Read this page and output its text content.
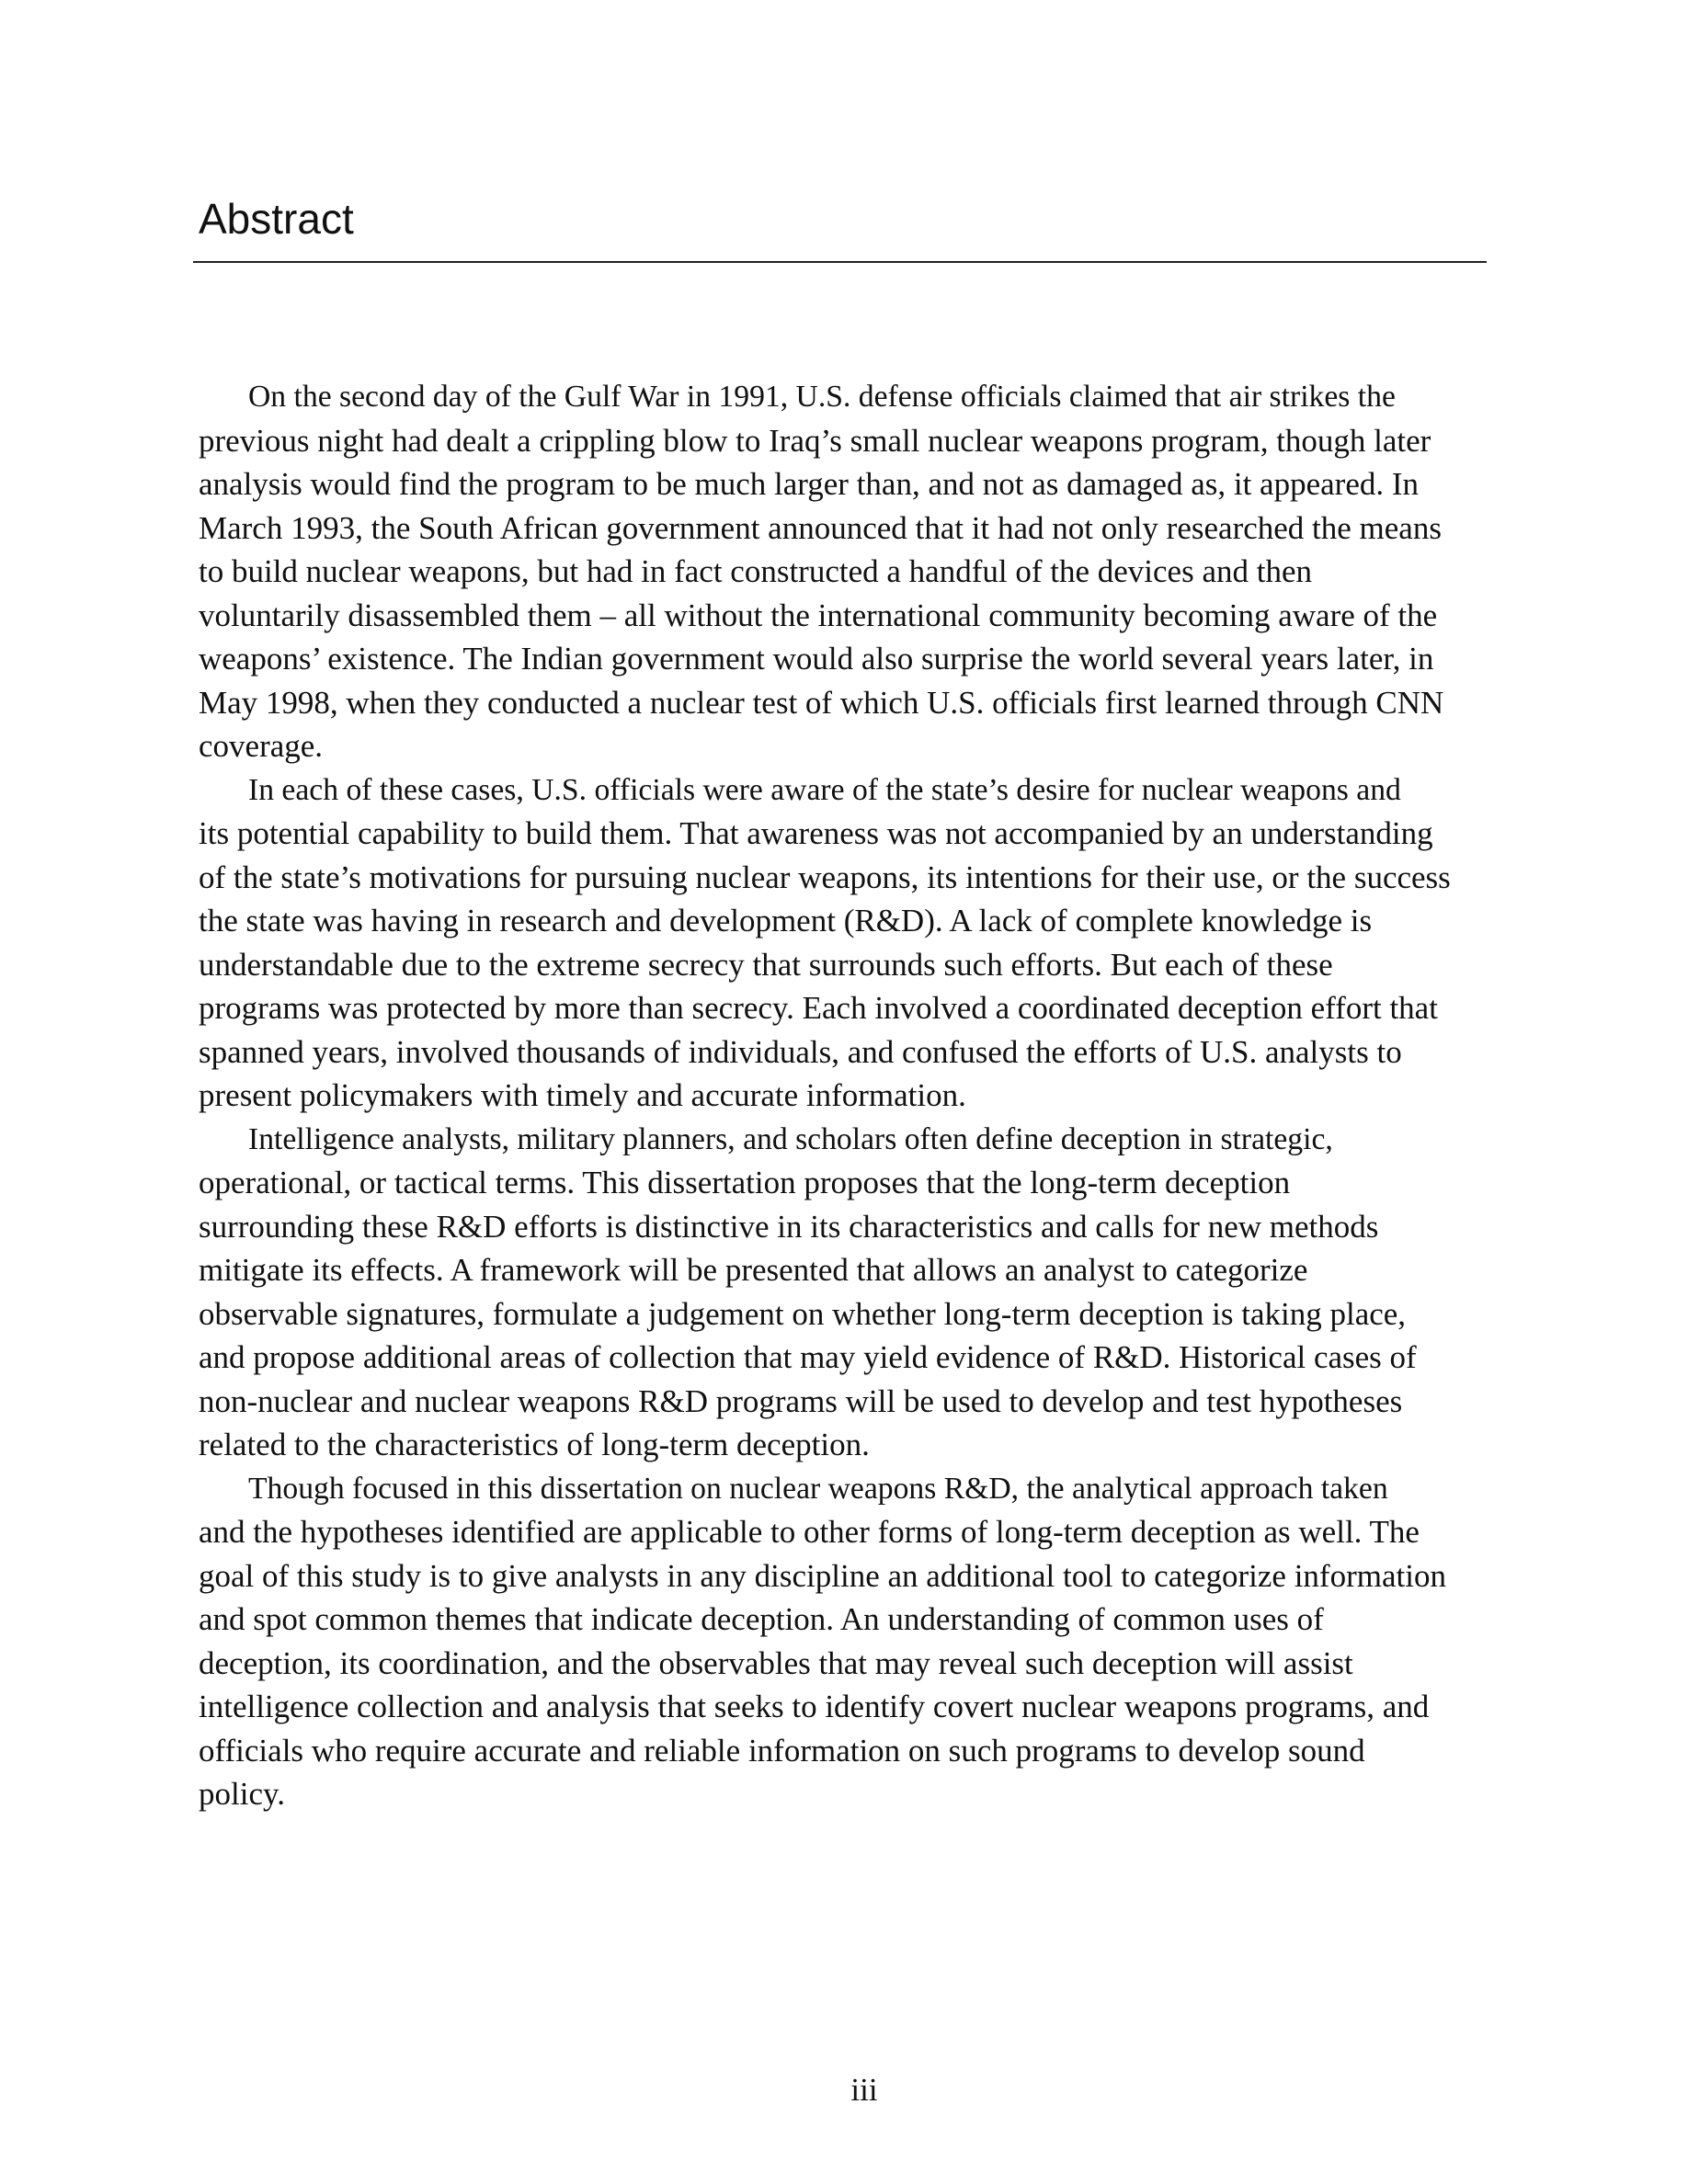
Abstract

On the second day of the Gulf War in 1991, U.S. defense officials claimed that air strikes the
previous night had dealt a crippling blow to Iraq’s small nuclear weapons program, though later
analysis would find the program to be much larger than, and not as damaged as, it appeared. In
March 1993, the South African government announced that it had not only researched the means
to build nuclear weapons, but had in fact constructed a handful of the devices and then
voluntarily disassembled them – all without the international community becoming aware of the
weapons’ existence. The Indian government would also surprise the world several years later, in
May 1998, when they conducted a nuclear test of which U.S. officials first learned through CNN
coverage.

In each of these cases, U.S. officials were aware of the state’s desire for nuclear weapons and
its potential capability to build them. That awareness was not accompanied by an understanding
of the state’s motivations for pursuing nuclear weapons, its intentions for their use, or the success
the state was having in research and development (R&D). A lack of complete knowledge is
understandable due to the extreme secrecy that surrounds such efforts. But each of these
programs was protected by more than secrecy. Each involved a coordinated deception effort that
spanned years, involved thousands of individuals, and confused the efforts of U.S. analysts to
present policymakers with timely and accurate information.

Intelligence analysts, military planners, and scholars often define deception in strategic,
operational, or tactical terms. This dissertation proposes that the long-term deception
surrounding these R&D efforts is distinctive in its characteristics and calls for new methods
mitigate its effects. A framework will be presented that allows an analyst to categorize
observable signatures, formulate a judgement on whether long-term deception is taking place,
and propose additional areas of collection that may yield evidence of R&D. Historical cases of
non-nuclear and nuclear weapons R&D programs will be used to develop and test hypotheses
related to the characteristics of long-term deception.

Though focused in this dissertation on nuclear weapons R&D, the analytical approach taken
and the hypotheses identified are applicable to other forms of long-term deception as well. The
goal of this study is to give analysts in any discipline an additional tool to categorize information
and spot common themes that indicate deception. An understanding of common uses of
deception, its coordination, and the observables that may reveal such deception will assist
intelligence collection and analysis that seeks to identify covert nuclear weapons programs, and
officials who require accurate and reliable information on such programs to develop sound
policy.

iii
